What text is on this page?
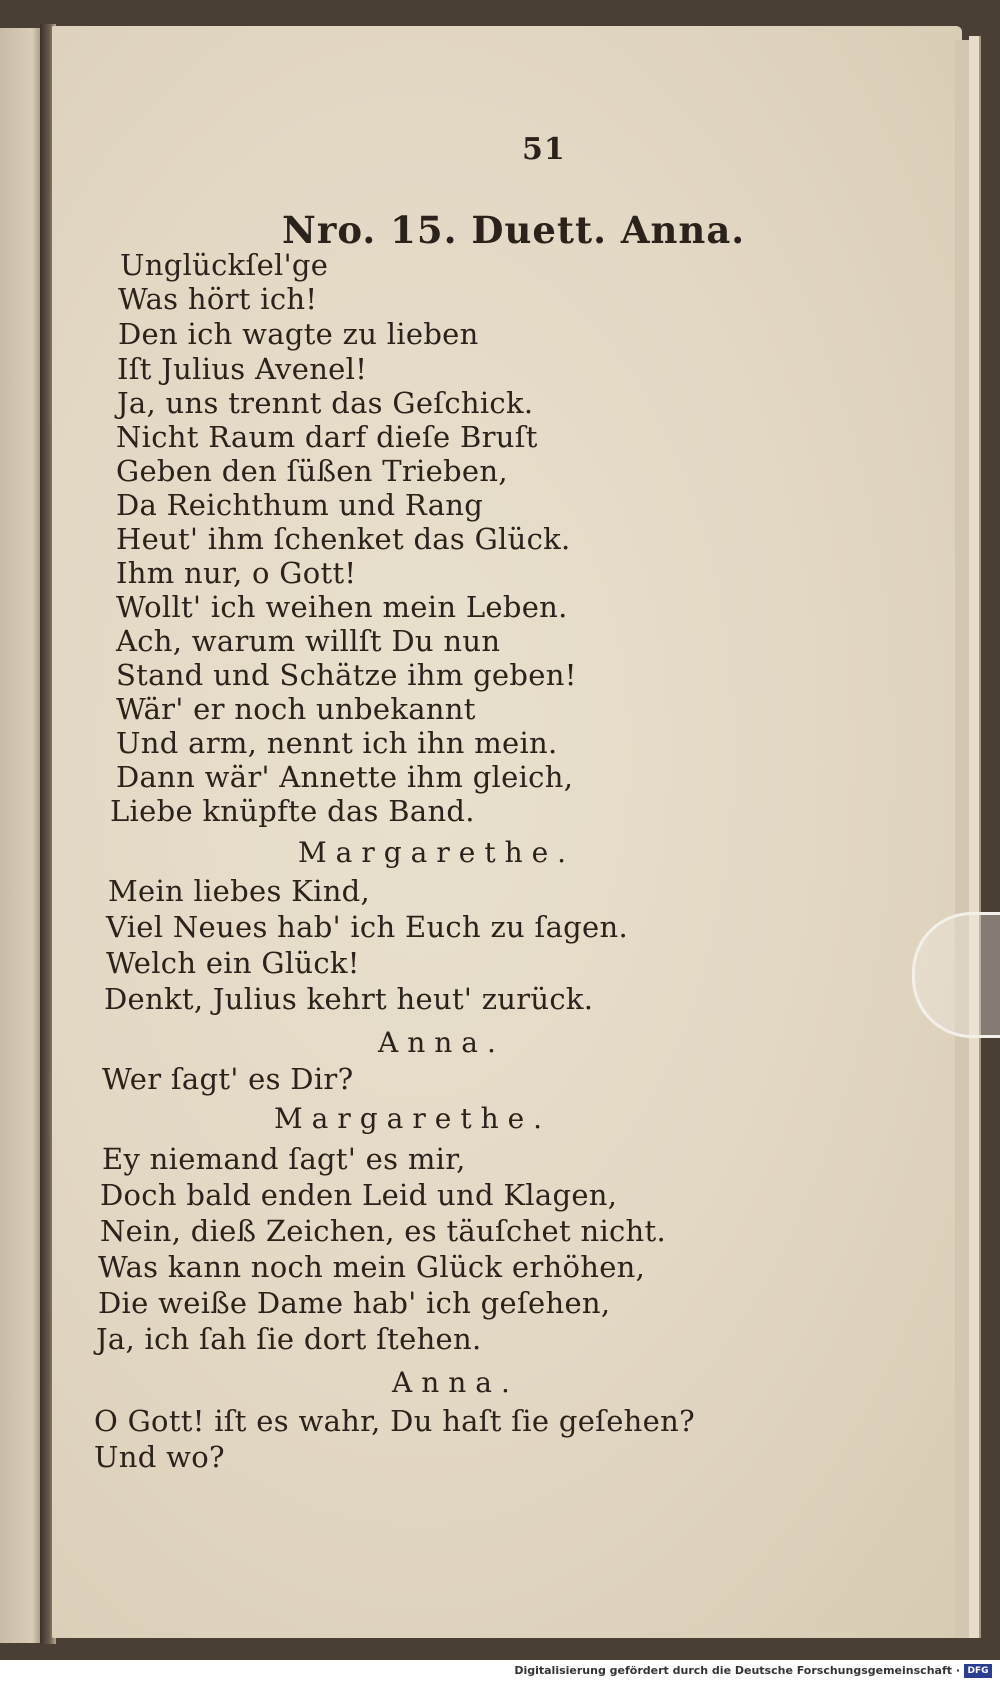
51
Nro. 15. Duett. Anna.
Unglückſel'ge
Was hört ich!
Den ich wagte zu lieben
Iſt Julius Avenel!
Ja, uns trennt das Geſchick.
Nicht Raum darf dieſe Bruſt
Geben den ſüßen Trieben,
Da Reichthum und Rang
Heut' ihm ſchenket das Glück.
Ihm nur, o Gott!
Wollt' ich weihen mein Leben.
Ach, warum willſt Du nun
Stand und Schätze ihm geben!
Wär' er noch unbekannt
Und arm, nennt ich ihn mein.
Dann wär' Annette ihm gleich,
Liebe knüpfte das Band.
Margarethe.
Mein liebes Kind,
Viel Neues hab' ich Euch zu ſagen.
Welch ein Glück!
Denkt, Julius kehrt heut' zurück.
Anna.
Wer ſagt' es Dir?
Margarethe.
Ey niemand ſagt' es mir,
Doch bald enden Leid und Klagen,
Nein, dieß Zeichen, es täuſchet nicht.
Was kann noch mein Glück erhöhen,
Die weiße Dame hab' ich geſehen,
Ja, ich ſah ſie dort ſtehen.
Anna.
O Gott! iſt es wahr, Du haſt ſie geſehen?
Und wo?
Digitalisierung gefördert durch die Deutsche Forschungsgemeinschaft · DFG
